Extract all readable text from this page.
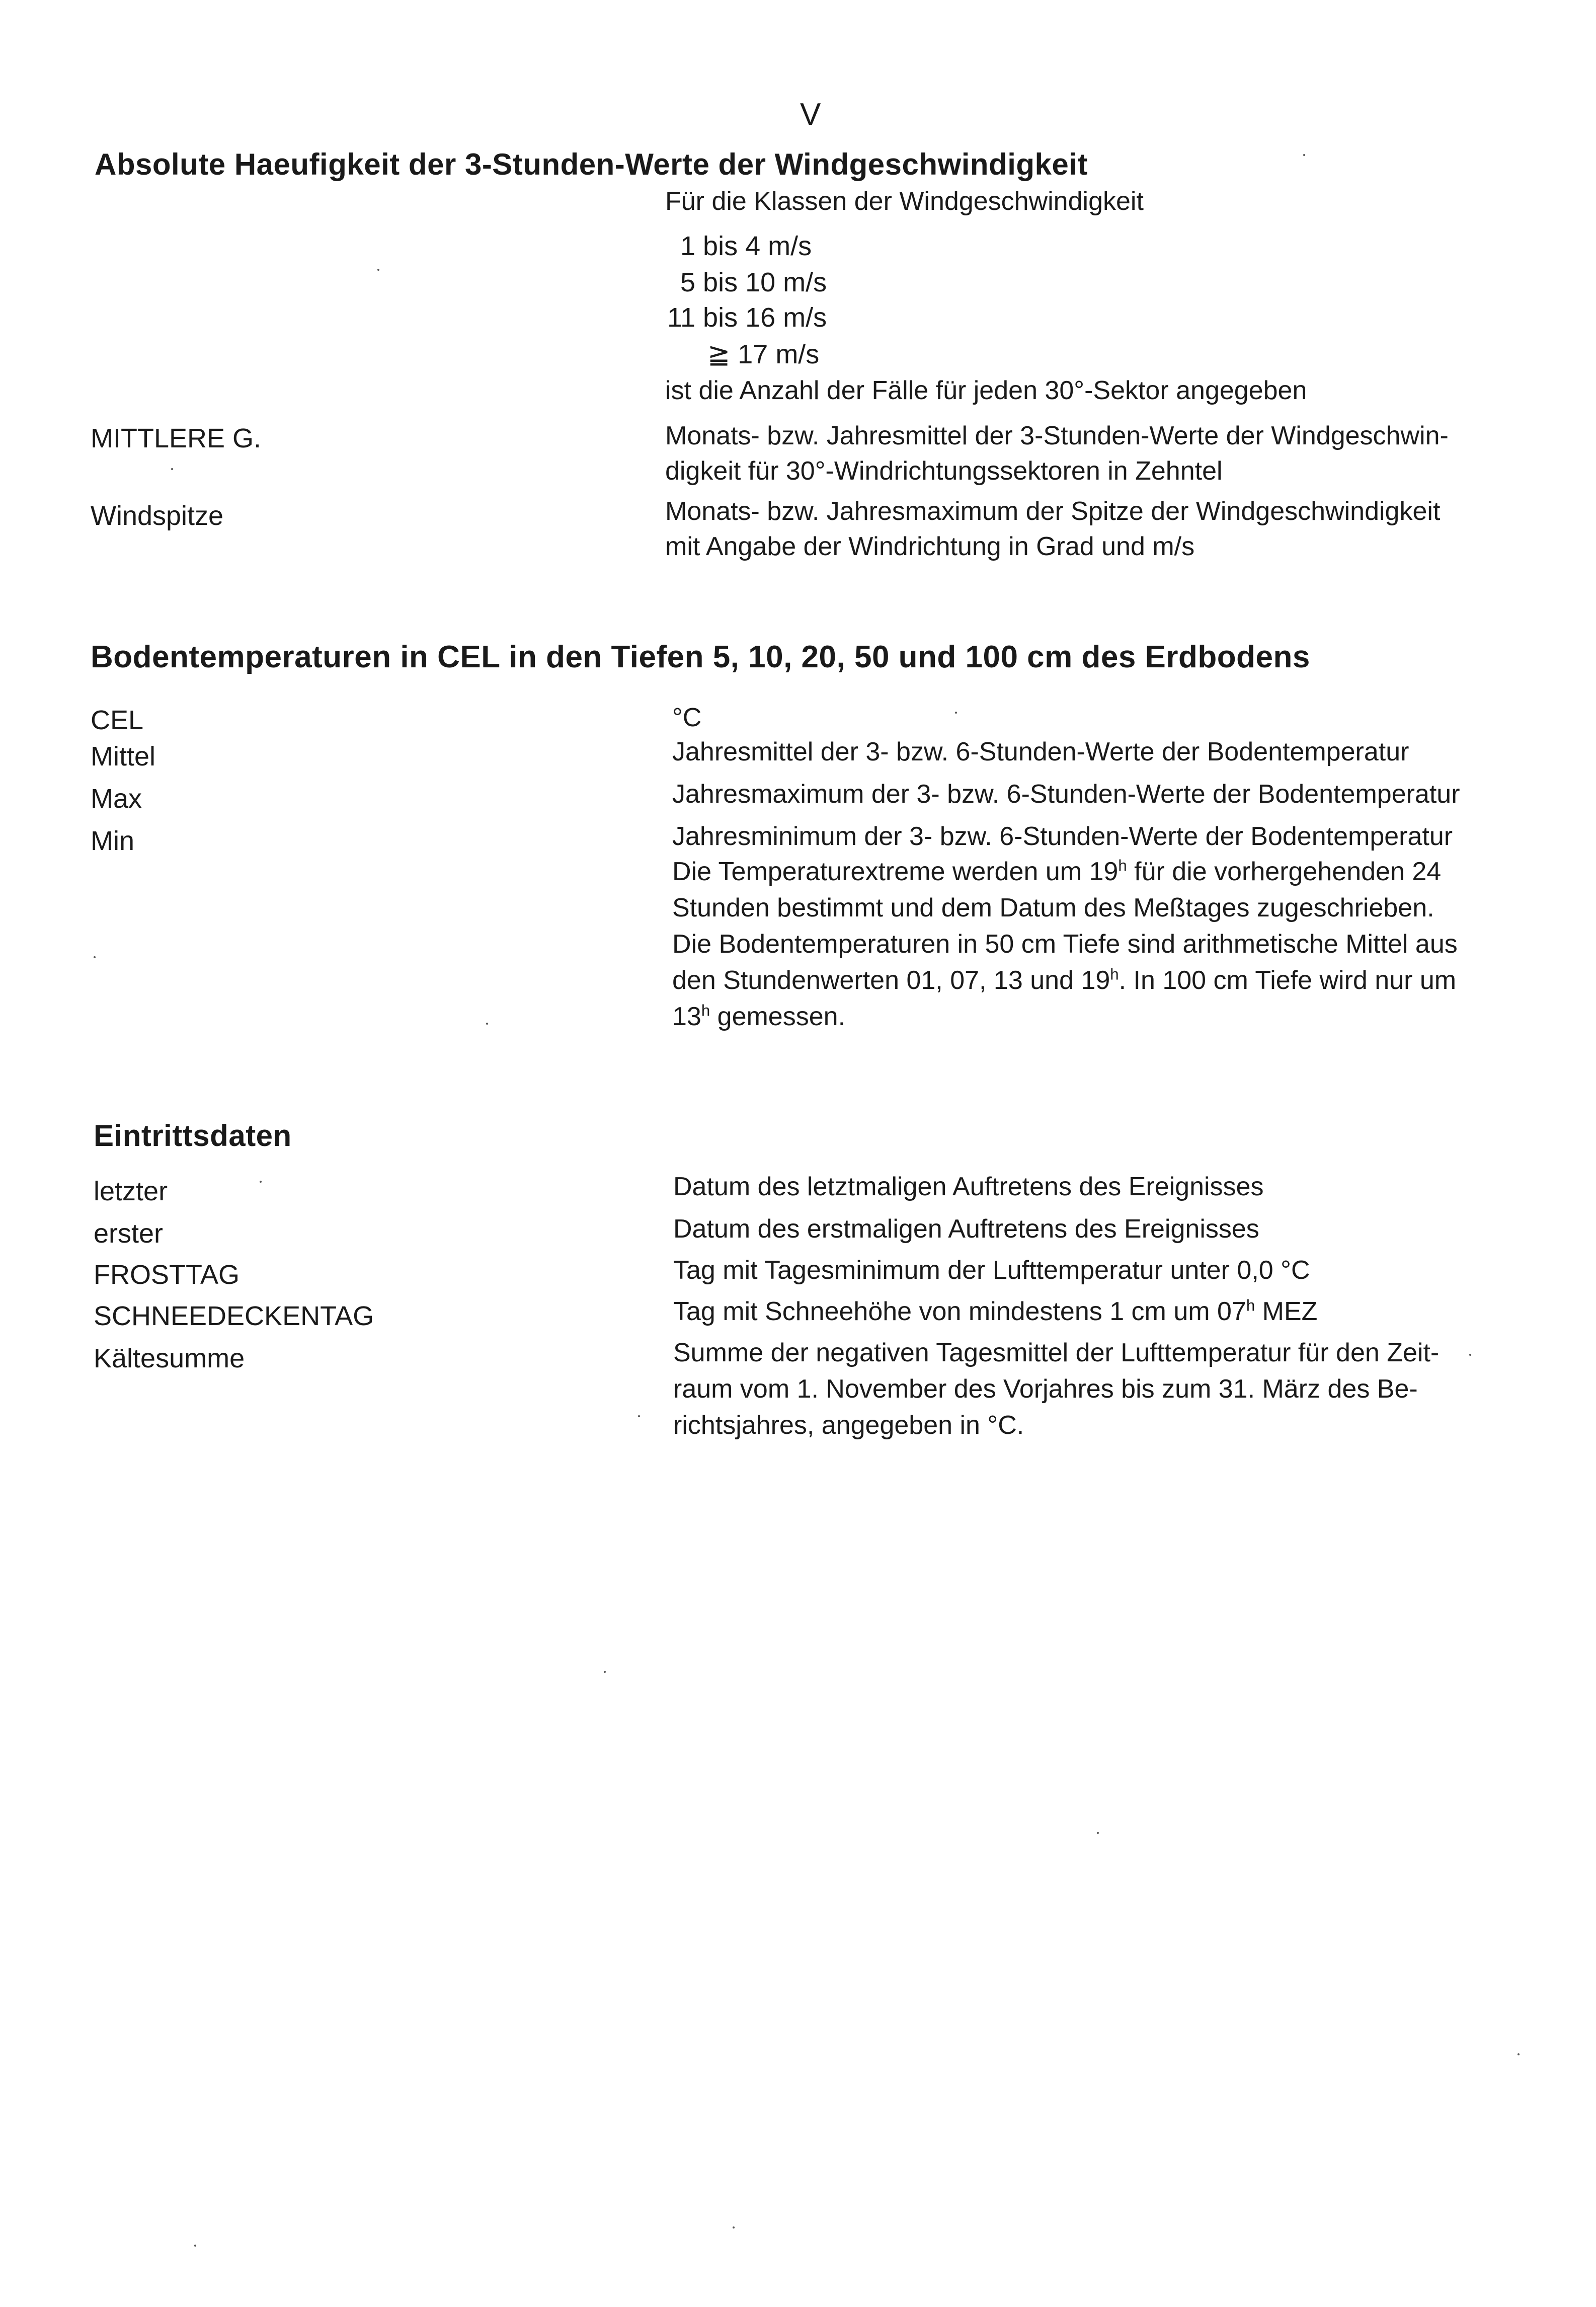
V
Absolute Haeufigkeit der 3-Stunden-Werte der Windgeschwindigkeit
Für die Klassen der Windgeschwindigkeit
1 bis 4 m/s
5 bis 10 m/s
11 bis 16 m/s
≧ 17 m/s
ist die Anzahl der Fälle für jeden 30°-Sektor angegeben
MITTLERE G.	Monats- bzw. Jahresmittel der 3-Stunden-Werte der Windgeschwin-
digkeit für 30°-Windrichtungssektoren in Zehntel
Windspitze	Monats- bzw. Jahresmaximum der Spitze der Windgeschwindigkeit
mit Angabe der Windrichtung in Grad und m/s
Bodentemperaturen in CEL in den Tiefen 5, 10, 20, 50 und 100 cm des Erdbodens
CEL	°C
Mittel	Jahresmittel der 3- bzw. 6-Stunden-Werte der Bodentemperatur
Max	Jahresmaximum der 3- bzw. 6-Stunden-Werte der Bodentemperatur
Min	Jahresminimum der 3- bzw. 6-Stunden-Werte der Bodentemperatur
Die Temperaturextreme werden um 19$^h$ für die vorhergehenden 24
Stunden bestimmt und dem Datum des Meßtages zugeschrieben.
Die Bodentemperaturen in 50 cm Tiefe sind arithmetische Mittel aus
den Stundenwerten 01, 07, 13 und 19$^h$. In 100 cm Tiefe wird nur um
13$^h$ gemessen.
Eintrittsdaten
letzter	Datum des letztmaligen Auftretens des Ereignisses
erster	Datum des erstmaligen Auftretens des Ereignisses
FROSTTAG	Tag mit Tagesminimum der Lufttemperatur unter 0,0 °C
SCHNEEDECKENTAG	Tag mit Schneehöhe von mindestens 1 cm um 07$^h$ MEZ
Kältesumme	Summe der negativen Tagesmittel der Lufttemperatur für den Zeit-
raum vom 1. November des Vorjahres bis zum 31. März des Be-
richtsjahres, angegeben in °C.
